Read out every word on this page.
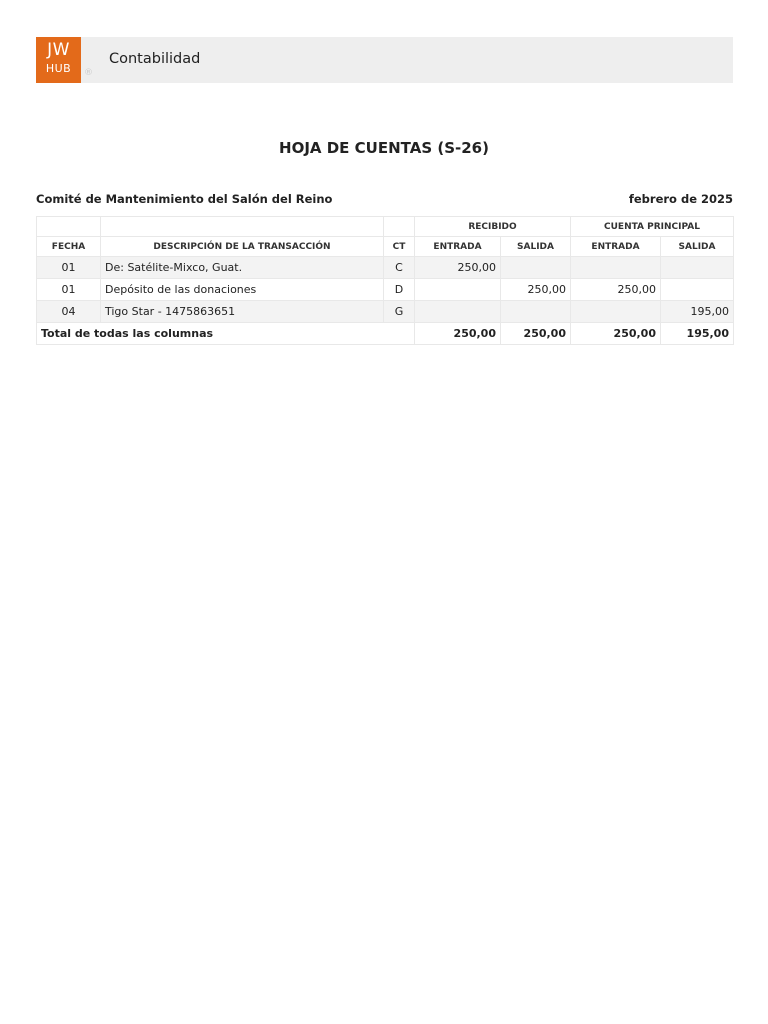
JW
HUB	®
Contabilidad
HOJA DE CUENTAS (S-26)
Comité de Mantenimiento del Salón del Reino	febrero de 2025
			RECIBIDO		CUENTA PRINCIPAL	
FECHA	DESCRIPCIÓN DE LA TRANSACCIÓN	CT	ENTRADA	SALIDA	ENTRADA	SALIDA
01	De: Satélite-Mixco, Guat.	C	250,00			
01	Depósito de las donaciones	D		250,00	250,00	
04	Tigo Star - 1475863651	G				195,00
Total de todas las columnas			250,00	250,00	250,00	195,00
